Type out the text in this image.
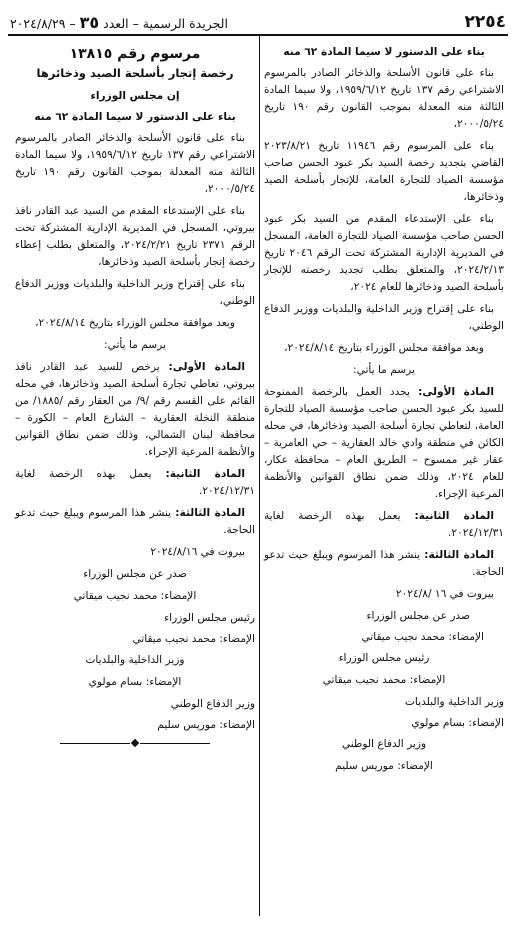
٢٢٥٤
الجريدة الرسمية – العدد ٣٥ – ٢٠٢٤/٨/٢٩

بناء على الدستور لا سيما المادة ٦٢ منه

بناء على قانون الأسلحة والذخائر الصادر بالمرسوم الاشتراعي رقم ١٣٧ تاريخ ١٩٥٩/٦/١٢، ولا سيما المادة الثالثة منه المعدلة بموجب القانون رقم ١٩٠ تاريخ ٢٠٠٠/٥/٢٤،

بناء على المرسوم رقم ١١٩٤٦ تاريخ ٢٠٢٣/٨/٢١ القاضي بتجديد رخصة السيد بكر عبود الحسن صاحب مؤسسة الصياد للتجارة العامة، للإتجار بأسلحة الصيد وذخائرها،

بناء على الإستدعاء المقدم من السيد بكر عبود الحسن صاحب مؤسسة الصياد للتجارة العامة، المسجل في المديرية الإدارية المشتركة تحت الرقم ٢٠٤٦ تاريخ ٢٠٢٤/٢/١٣، والمتعلق بطلب تجديد رخصته للإتجار بأسلحة الصيد وذخائرها للعام ٢٠٢٤،

بناء على إقتراح وزير الداخلية والبلديات ووزير الدفاع الوطني،

وبعد موافقة مجلس الوزراء بتاريخ ٢٠٢٤/٨/١٤،

يرسم ما يأتي:

المادة الأولى: يجدد العمل بالرخصة الممنوحة للسيد بكر عبود الحسن صاحب مؤسسة الصياد للتجارة العامة، لتعاطي تجارة أسلحة الصيد وذخائرها، في محله الكائن في منطقة وادي خالد العقارية – حي العامرية – عقار غير ممسوح – الطريق العام – محافظة عكار، للعام ٢٠٢٤، وذلك ضمن نطاق القوانين والأنظمة المرعية الإجراء.

المادة الثانية: يعمل بهذه الرخصة لغاية ٢٠٢٤/١٢/٣١.

المادة الثالثة: ينشر هذا المرسوم ويبلغ حيث تدعو الحاجة.

بيروت في ١٦ /٢٠٢٤/٨

صدر عن مجلس الوزراء

الإمضاء: محمد نجيب ميقاتي

رئيس مجلس الوزراء

الإمضاء: محمد نجيب ميقاتي

وزير الداخلية والبلديات

الإمضاء: بسام مولوي

وزير الدفاع الوطني

الإمضاء: موريس سليم

مرسوم رقم ١٣٨١٥

رخصة إتجار بأسلحة الصيد وذخائرها

إن مجلس الوزراء

بناء على الدستور لا سيما المادة ٦٢ منه

بناء على قانون الأسلحة والذخائر الصادر بالمرسوم الاشتراعي رقم ١٣٧ تاريخ ١٩٥٩/٦/١٢، ولا سيما المادة الثالثة منه المعدلة بموجب القانون رقم ١٩٠ تاريخ ٢٠٠٠/٥/٢٤،

بناء على الإستدعاء المقدم من السيد عبد القادر نافذ بيروتي، المسجل في المديرية الإدارية المشتركة تحت الرقم ٢٣٧١ تاريخ ٢٠٢٤/٢/٢١، والمتعلق بطلب إعطاء رخصة إتجار بأسلحة الصيد وذخائرها،

بناء على إقتراح وزير الداخلية والبلديات ووزير الدفاع الوطني،

وبعد موافقة مجلس الوزراء بتاريخ ٢٠٢٤/٨/١٤،

يرسم ما يأتي:

المادة الأولى: يرخص للسيد عبد القادر نافذ بيروتي، تعاطي تجارة أسلحة الصيد وذخائرها، في محله القائم على القسم رقم /٩/ من العقار رقم /١٨٨٥/ من منطقة النخلة العقارية – الشارع العام – الكورة – محافظة لبنان الشمالي، وذلك ضمن نطاق القوانين والأنظمة المرعية الإجراء.

المادة الثانية: يعمل بهذه الرخصة لغاية ٢٠٢٤/١٢/٣١.

المادة الثالثة: ينشر هذا المرسوم ويبلغ حيث تدعو الحاجة.

بيروت في ٢٠٢٤/٨/١٦

صدر عن مجلس الوزراء

الإمضاء: محمد نجيب ميقاتي

رئيس مجلس الوزراء

الإمضاء: محمد نجيب ميقاتي

وزير الداخلية والبلديات

الإمضاء: بسام مولوي

وزير الدفاع الوطني

الإمضاء: موريس سليم
